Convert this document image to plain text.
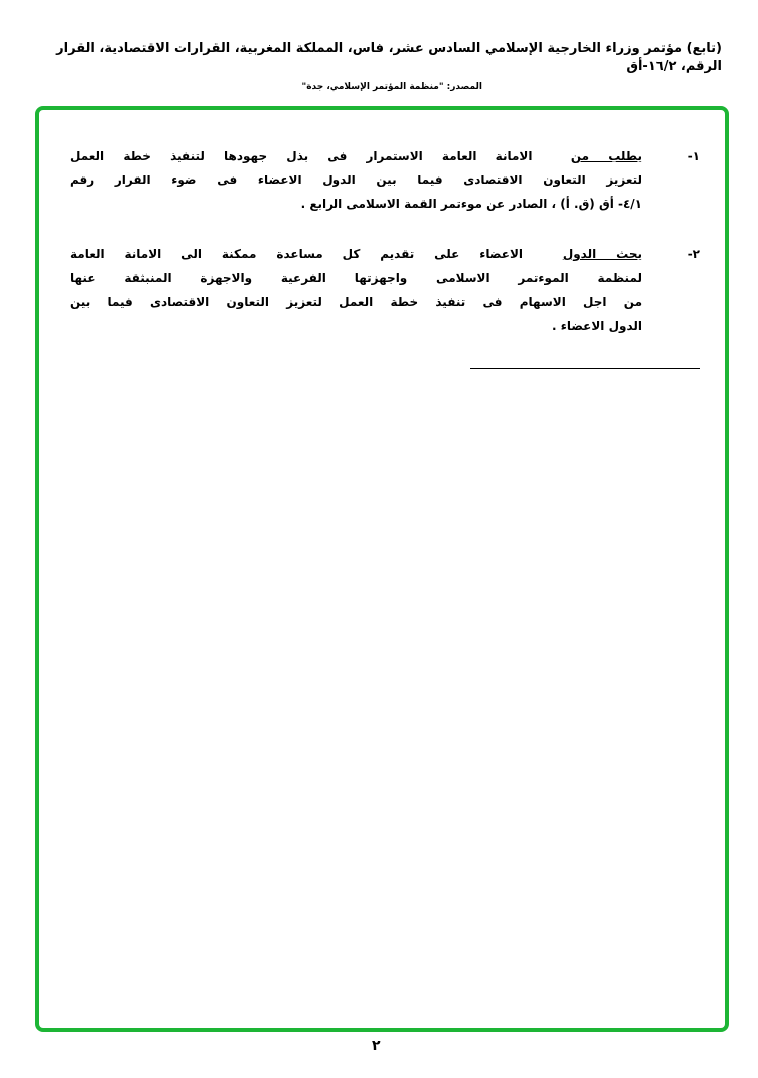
(تابع) مؤتمر وزراء الخارجية الإسلامي السادس عشر، فاس، المملكة المغربية، القرارات الاقتصادية، القرار الرقم، ١٦/٢-أق
المصدر: "منظمة المؤتمر الإسلامي، جدة"
١-
يطلب من  الامانة العامة الاستمرار فى بذل جهودها لتنفيذ خطة العمل
لتعزيز التعاون الاقتصادى فيما بين الدول الاعضاء فى ضوء القرار رقم
٤/١- أق (ق. أ) ، الصادر عن موءتمر القمة الاسلامى الرابع .
٢-
يحث الدول  الاعضاء على تقديم كل مساعدة ممكنة الى الامانة العامة
لمنظمة الموءتمر الاسلامى واجهزتها الفرعية والاجهزة المنبثقة عنها
من اجل الاسهام فى تنفيذ خطة العمل لتعزيز التعاون الاقتصادى فيما بين
الدول الاعضاء .
٢
